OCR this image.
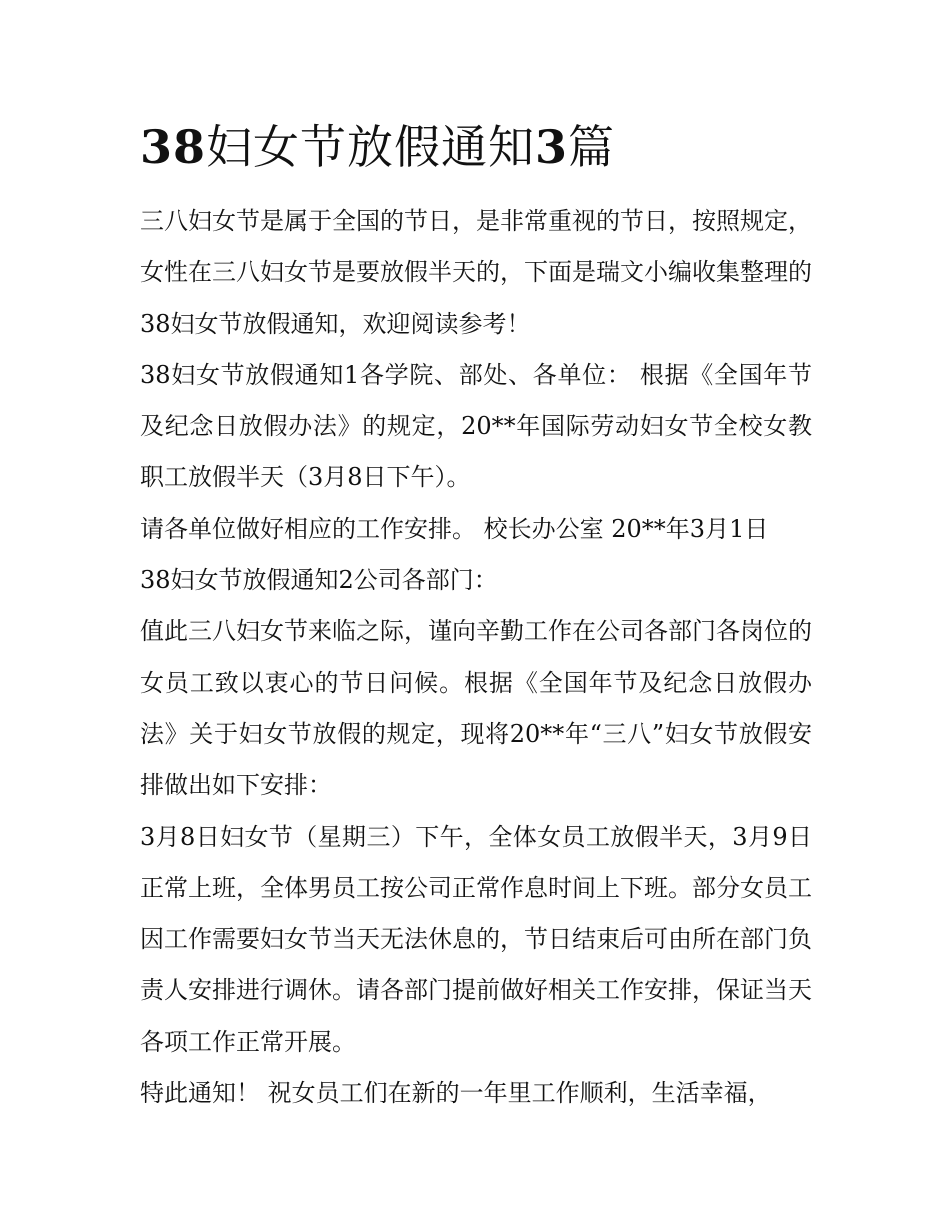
38妇女节放假通知3篇

三八妇女节是属于全国的节日，是非常重视的节日，按照规定，女性在三八妇女节是要放假半天的，下面是瑞文小编收集整理的38妇女节放假通知，欢迎阅读参考！

38妇女节放假通知1各学院、部处、各单位： 根据《全国年节及纪念日放假办法》的规定，20**年国际劳动妇女节全校女教职工放假半天（3月8日下午）。

请各单位做好相应的工作安排。 校长办公室 20**年3月1日

38妇女节放假通知2公司各部门：

值此三八妇女节来临之际，谨向辛勤工作在公司各部门各岗位的女员工致以衷心的节日问候。根据《全国年节及纪念日放假办法》关于妇女节放假的规定，现将20**年“三八”妇女节放假安排做出如下安排：

3月8日妇女节（星期三）下午，全体女员工放假半天，3月9日正常上班，全体男员工按公司正常作息时间上下班。部分女员工因工作需要妇女节当天无法休息的，节日结束后可由所在部门负责人安排进行调休。请各部门提前做好相关工作安排，保证当天各项工作正常开展。

特此通知！ 祝女员工们在新的一年里工作顺利，生活幸福，
